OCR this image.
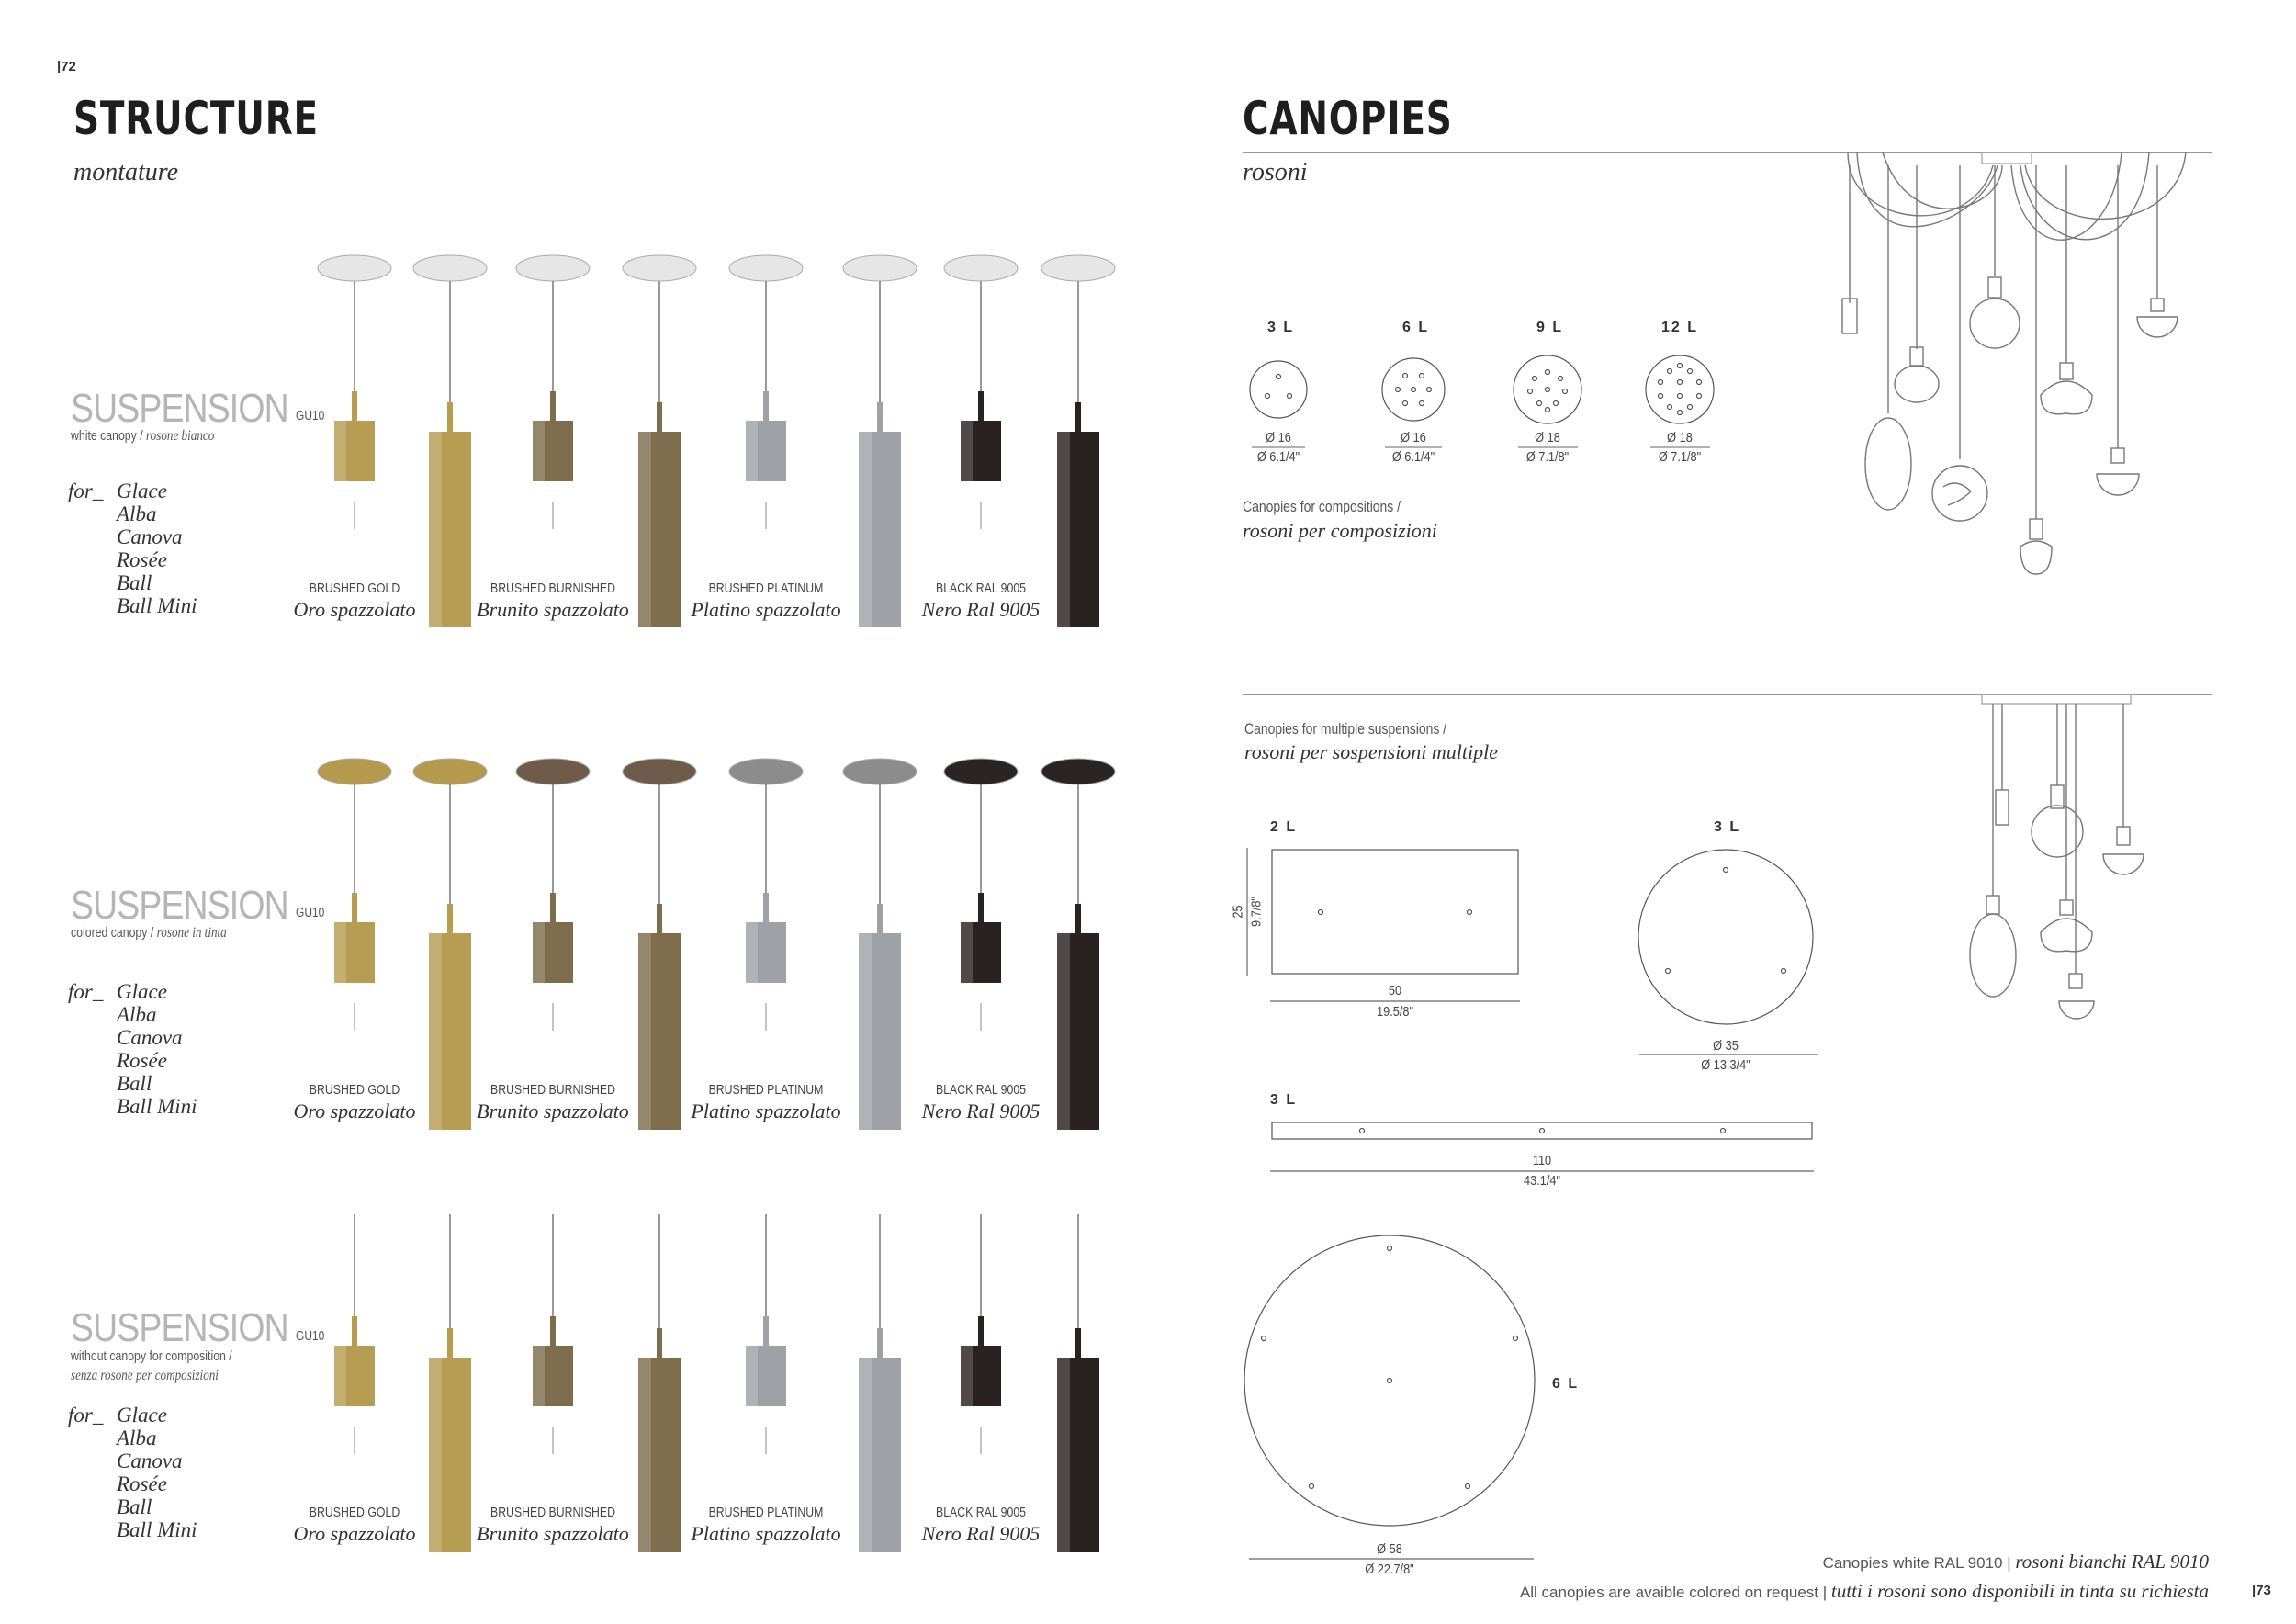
|72
STRUCTURE
montature
SUSPENSION
white canopy / rosone bianco
GU10
for_ Glace
Alba
Canova
Rosée
Ball
Ball Mini
SUSPENSION
colored canopy / rosone in tinta
GU10
for_ Glace
Alba
Canova
Rosée
Ball
Ball Mini
SUSPENSION
without canopy for composition /
senza rosone per composizioni
GU10
for_ Glace
Alba
Canova
Rosée
Ball
Ball Mini
BRUSHED GOLD
Oro spazzolato
BRUSHED BURNISHED
Brunito spazzolato
BRUSHED PLATINUM
Platino spazzolato
BLACK RAL 9005
Nero Ral 9005
BRUSHED GOLD
Oro spazzolato
BRUSHED BURNISHED
Brunito spazzolato
BRUSHED PLATINUM
Platino spazzolato
BLACK RAL 9005
Nero Ral 9005
BRUSHED GOLD
Oro spazzolato
BRUSHED BURNISHED
Brunito spazzolato
BRUSHED PLATINUM
Platino spazzolato
BLACK RAL 9005
Nero Ral 9005
|73
CANOPIES
rosoni
3 L	6 L	9 L	12 L
Ø 16
Ø 6.1/4"
Ø 16
Ø 6.1/4"
Ø 18
Ø 7.1/8"
Ø 18
Ø 7.1/8"
Canopies for compositions /
rosoni per composizioni
Canopies for multiple suspensions /
rosoni per sospensioni multiple
2 L	3 L
3 L
6 L
25 9.7/8"
50
19.5/8"
Ø 35
Ø 13.3/4"
110
43.1/4"
Ø 58
Ø 22.7/8"	Canopies white RAL 9010 | rosoni bianchi RAL 9010
All canopies are avaible colored on request | tutti i rosoni sono disponibili in tinta su richiesta
